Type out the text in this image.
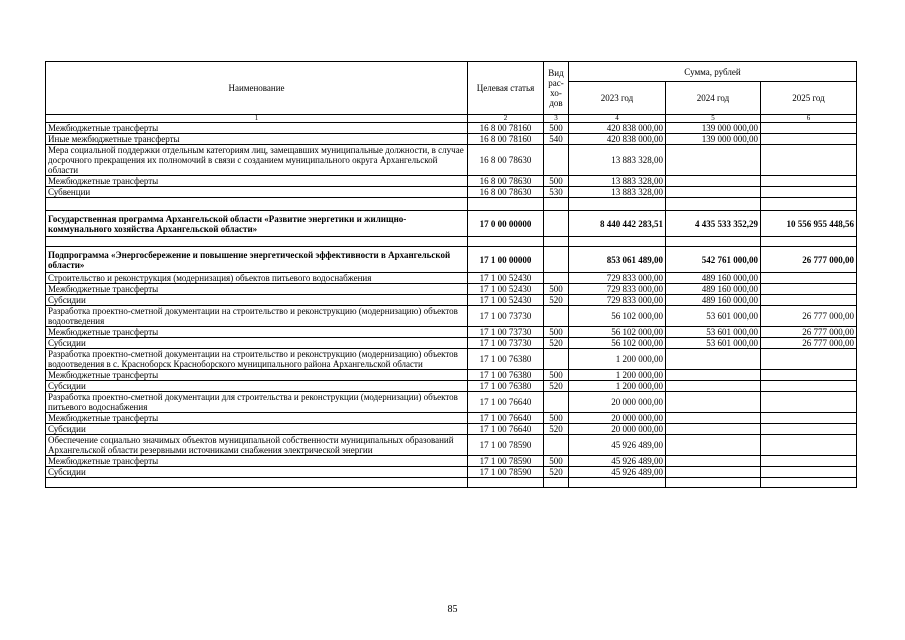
Наименование	Целевая статья	Вид рас-хо-дов	Сумма, рублей		
			2023 год	2024 год	2025 год
1	2	3	4	5	6
Межбюджетные трансферты	16 8 00 78160	500	420 838 000,00	139 000 000,00	
Иные межбюджетные трансферты	16 8 00 78160	540	420 838 000,00	139 000 000,00	
Мера социальной поддержки отдельным категориям лиц, замещавших муниципальные должности, в случае досрочного прекращения их полномочий в связи с созданием муниципального округа Архангельской области	16 8 00 78630		13 883 328,00		
Межбюджетные трансферты	16 8 00 78630	500	13 883 328,00		
Субвенции	16 8 00 78630	530	13 883 328,00		

Государственная программа Архангельской области «Развитие энергетики и жилищно-коммунального хозяйства Архангельской области»	17 0 00 00000		8 440 442 283,51	4 435 533 352,29	10 556 955 448,56

Подпрограмма «Энергосбережение и повышение энергетической эффективности в Архангельской области»	17 1 00 00000		853 061 489,00	542 761 000,00	26 777 000,00
Строительство и реконструкция (модернизация) объектов питьевого водоснабжения	17 1 00 52430		729 833 000,00	489 160 000,00	
Межбюджетные трансферты	17 1 00 52430	500	729 833 000,00	489 160 000,00	
Субсидии	17 1 00 52430	520	729 833 000,00	489 160 000,00	
Разработка проектно-сметной документации на строительство и реконструкцию (модернизацию) объектов водоотведения	17 1 00 73730		56 102 000,00	53 601 000,00	26 777 000,00
Межбюджетные трансферты	17 1 00 73730	500	56 102 000,00	53 601 000,00	26 777 000,00
Субсидии	17 1 00 73730	520	56 102 000,00	53 601 000,00	26 777 000,00
Разработка проектно-сметной документации на строительство и реконструкцию (модернизацию) объектов водоотведения в с. Красноборск Красноборского муниципального района Архангельской области	17 1 00 76380		1 200 000,00		
Межбюджетные трансферты	17 1 00 76380	500	1 200 000,00		
Субсидии	17 1 00 76380	520	1 200 000,00		
Разработка проектно-сметной документации для строительства и реконструкции (модернизации) объектов питьевого водоснабжения	17 1 00 76640		20 000 000,00		
Межбюджетные трансферты	17 1 00 76640	500	20 000 000,00		
Субсидии	17 1 00 76640	520	20 000 000,00		
Обеспечение социально значимых объектов муниципальной собственности муниципальных образований Архангельской области резервными источниками снабжения электрической энергии	17 1 00 78590		45 926 489,00		
Межбюджетные трансферты	17 1 00 78590	500	45 926 489,00		
Субсидии	17 1 00 78590	520	45 926 489,00		

85
